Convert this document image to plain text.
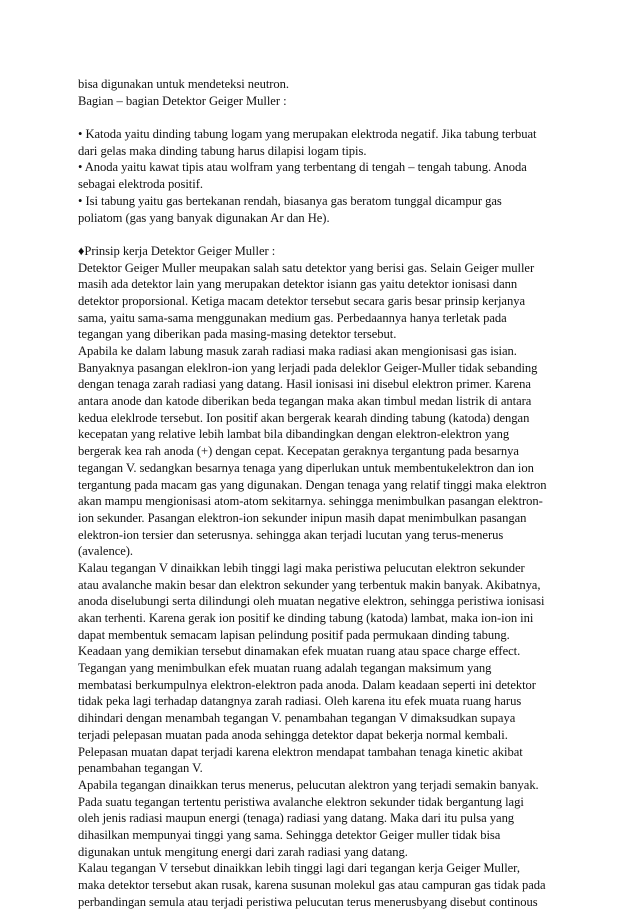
bisa digunakan untuk mendeteksi neutron.
Bagian – bagian Detektor Geiger Muller :
• Katoda yaitu dinding tabung logam yang merupakan elektroda negatif. Jika tabung terbuat
dari gelas maka dinding tabung harus dilapisi logam tipis.
• Anoda yaitu kawat tipis atau wolfram yang terbentang di tengah – tengah tabung. Anoda
sebagai elektroda positif.
• Isi tabung yaitu gas bertekanan rendah, biasanya gas beratom tunggal dicampur gas
poliatom (gas yang banyak digunakan Ar dan He).
♦Prinsip kerja Detektor Geiger Muller :
Detektor Geiger Muller meupakan salah satu detektor yang berisi gas. Selain Geiger muller
masih ada detektor lain yang merupakan detektor isiann gas yaitu detektor ionisasi dann
detektor proporsional. Ketiga macam detektor tersebut secara garis besar prinsip kerjanya
sama, yaitu sama-sama menggunakan medium gas. Perbedaannya hanya terletak pada
tegangan yang diberikan pada masing-masing detektor tersebut.
Apabila ke dalam labung masuk zarah radiasi maka radiasi akan mengionisasi gas isian.
Banyaknya pasangan eleklron-ion yang lerjadi pada deleklor Geiger-Muller tidak sebanding
dengan tenaga zarah radiasi yang datang. Hasil ionisasi ini disebul elektron primer. Karena
antara anode dan katode diberikan beda tegangan maka akan timbul medan listrik di antara
kedua eleklrode tersebut. Ion positif akan bergerak kearah dinding tabung (katoda) dengan
kecepatan yang relative lebih lambat bila dibandingkan dengan elektron-elektron yang
bergerak kea rah anoda (+) dengan cepat. Kecepatan geraknya tergantung pada besarnya
tegangan V. sedangkan besarnya tenaga yang diperlukan untuk membentukelektron dan ion
tergantung pada macam gas yang digunakan. Dengan tenaga yang relatif tinggi maka elektron
akan mampu mengionisasi atom-atom sekitarnya. sehingga menimbulkan pasangan elektron-
ion sekunder. Pasangan elektron-ion sekunder inipun masih dapat menimbulkan pasangan
elektron-ion tersier dan seterusnya. sehingga akan terjadi lucutan yang terus-menerus
(avalence).
Kalau tegangan V dinaikkan lebih tinggi lagi maka peristiwa pelucutan elektron sekunder
atau avalanche makin besar dan elektron sekunder yang terbentuk makin banyak. Akibatnya,
anoda diselubungi serta dilindungi oleh muatan negative elektron, sehingga peristiwa ionisasi
akan terhenti. Karena gerak ion positif ke dinding tabung (katoda) lambat, maka ion-ion ini
dapat membentuk semacam lapisan pelindung positif pada permukaan dinding tabung.
Keadaan yang demikian tersebut dinamakan efek muatan ruang atau space charge effect.
Tegangan yang menimbulkan efek muatan ruang adalah tegangan maksimum yang
membatasi berkumpulnya elektron-elektron pada anoda. Dalam keadaan seperti ini detektor
tidak peka lagi terhadap datangnya zarah radiasi. Oleh karena itu efek muata ruang harus
dihindari dengan menambah tegangan V. penambahan tegangan V dimaksudkan supaya
terjadi pelepasan muatan pada anoda sehingga detektor dapat bekerja normal kembali.
Pelepasan muatan dapat terjadi karena elektron mendapat tambahan tenaga kinetic akibat
penambahan tegangan V.
Apabila tegangan dinaikkan terus menerus, pelucutan alektron yang terjadi semakin banyak.
Pada suatu tegangan tertentu peristiwa avalanche elektron sekunder tidak bergantung lagi
oleh jenis radiasi maupun energi (tenaga) radiasi yang datang. Maka dari itu pulsa yang
dihasilkan mempunyai tinggi yang sama. Sehingga detektor Geiger muller tidak bisa
digunakan untuk mengitung energi dari zarah radiasi yang datang.
Kalau tegangan V tersebut dinaikkan lebih tinggi lagi dari tegangan kerja Geiger Muller,
maka detektor tersebut akan rusak, karena susunan molekul gas atau campuran gas tidak pada
perbandingan semula atau terjadi peristiwa pelucutan terus menerusbyang disebut continous
